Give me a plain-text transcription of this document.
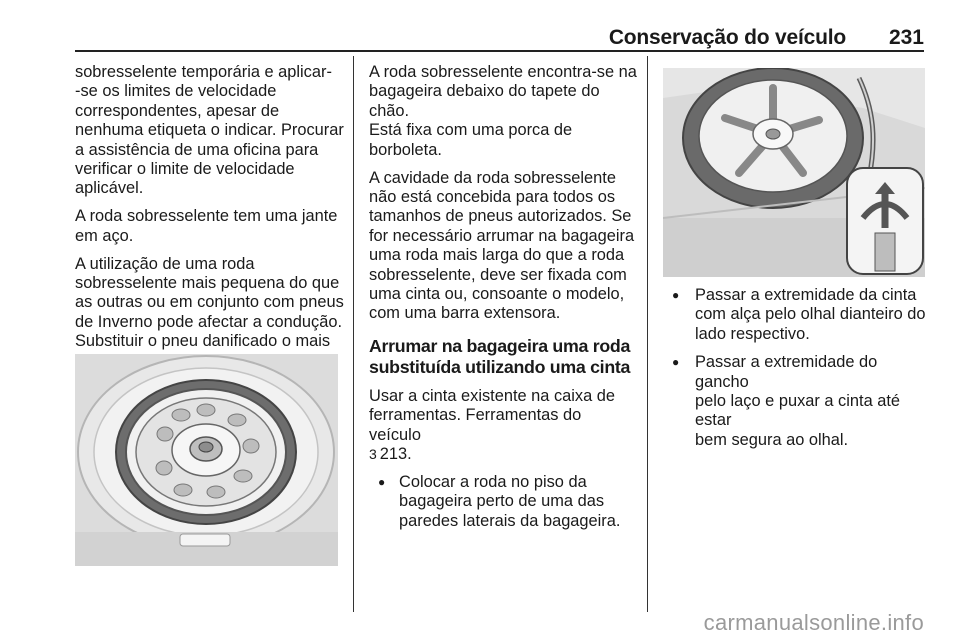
Conservação do veículo 231

sobresselente temporária e aplicar-
-se os limites de velocidade
correspondentes, apesar de
nenhuma etiqueta o indicar. Procurar
a assistência de uma oficina para
verificar o limite de velocidade
aplicável.

A roda sobresselente tem uma jante
em aço.

A utilização de uma roda
sobresselente mais pequena do que
as outras ou em conjunto com pneus
de Inverno pode afectar a condução.
Substituir o pneu danificado o mais

A roda sobresselente encontra-se na
bagageira debaixo do tapete do chão.
Está fixa com uma porca de
borboleta.

A cavidade da roda sobresselente
não está concebida para todos os
tamanhos de pneus autorizados. Se
for necessário arrumar na bagageira
uma roda mais larga do que a roda
sobresselente, deve ser fixada com
uma cinta ou, consoante o modelo,
com uma barra extensora.

Arrumar na bagageira uma roda
substituída utilizando uma cinta

Usar a cinta existente na caixa de
ferramentas. Ferramentas do veículo
3 213.

● Colocar a roda no piso da
bagageira perto de uma das
paredes laterais da bagageira.
● Passar a extremidade da cinta
com alça pelo olhal dianteiro do
lado respectivo.
● Passar a extremidade do gancho
pelo laço e puxar a cinta até estar
bem segura ao olhal.
carmanualsonline.info
